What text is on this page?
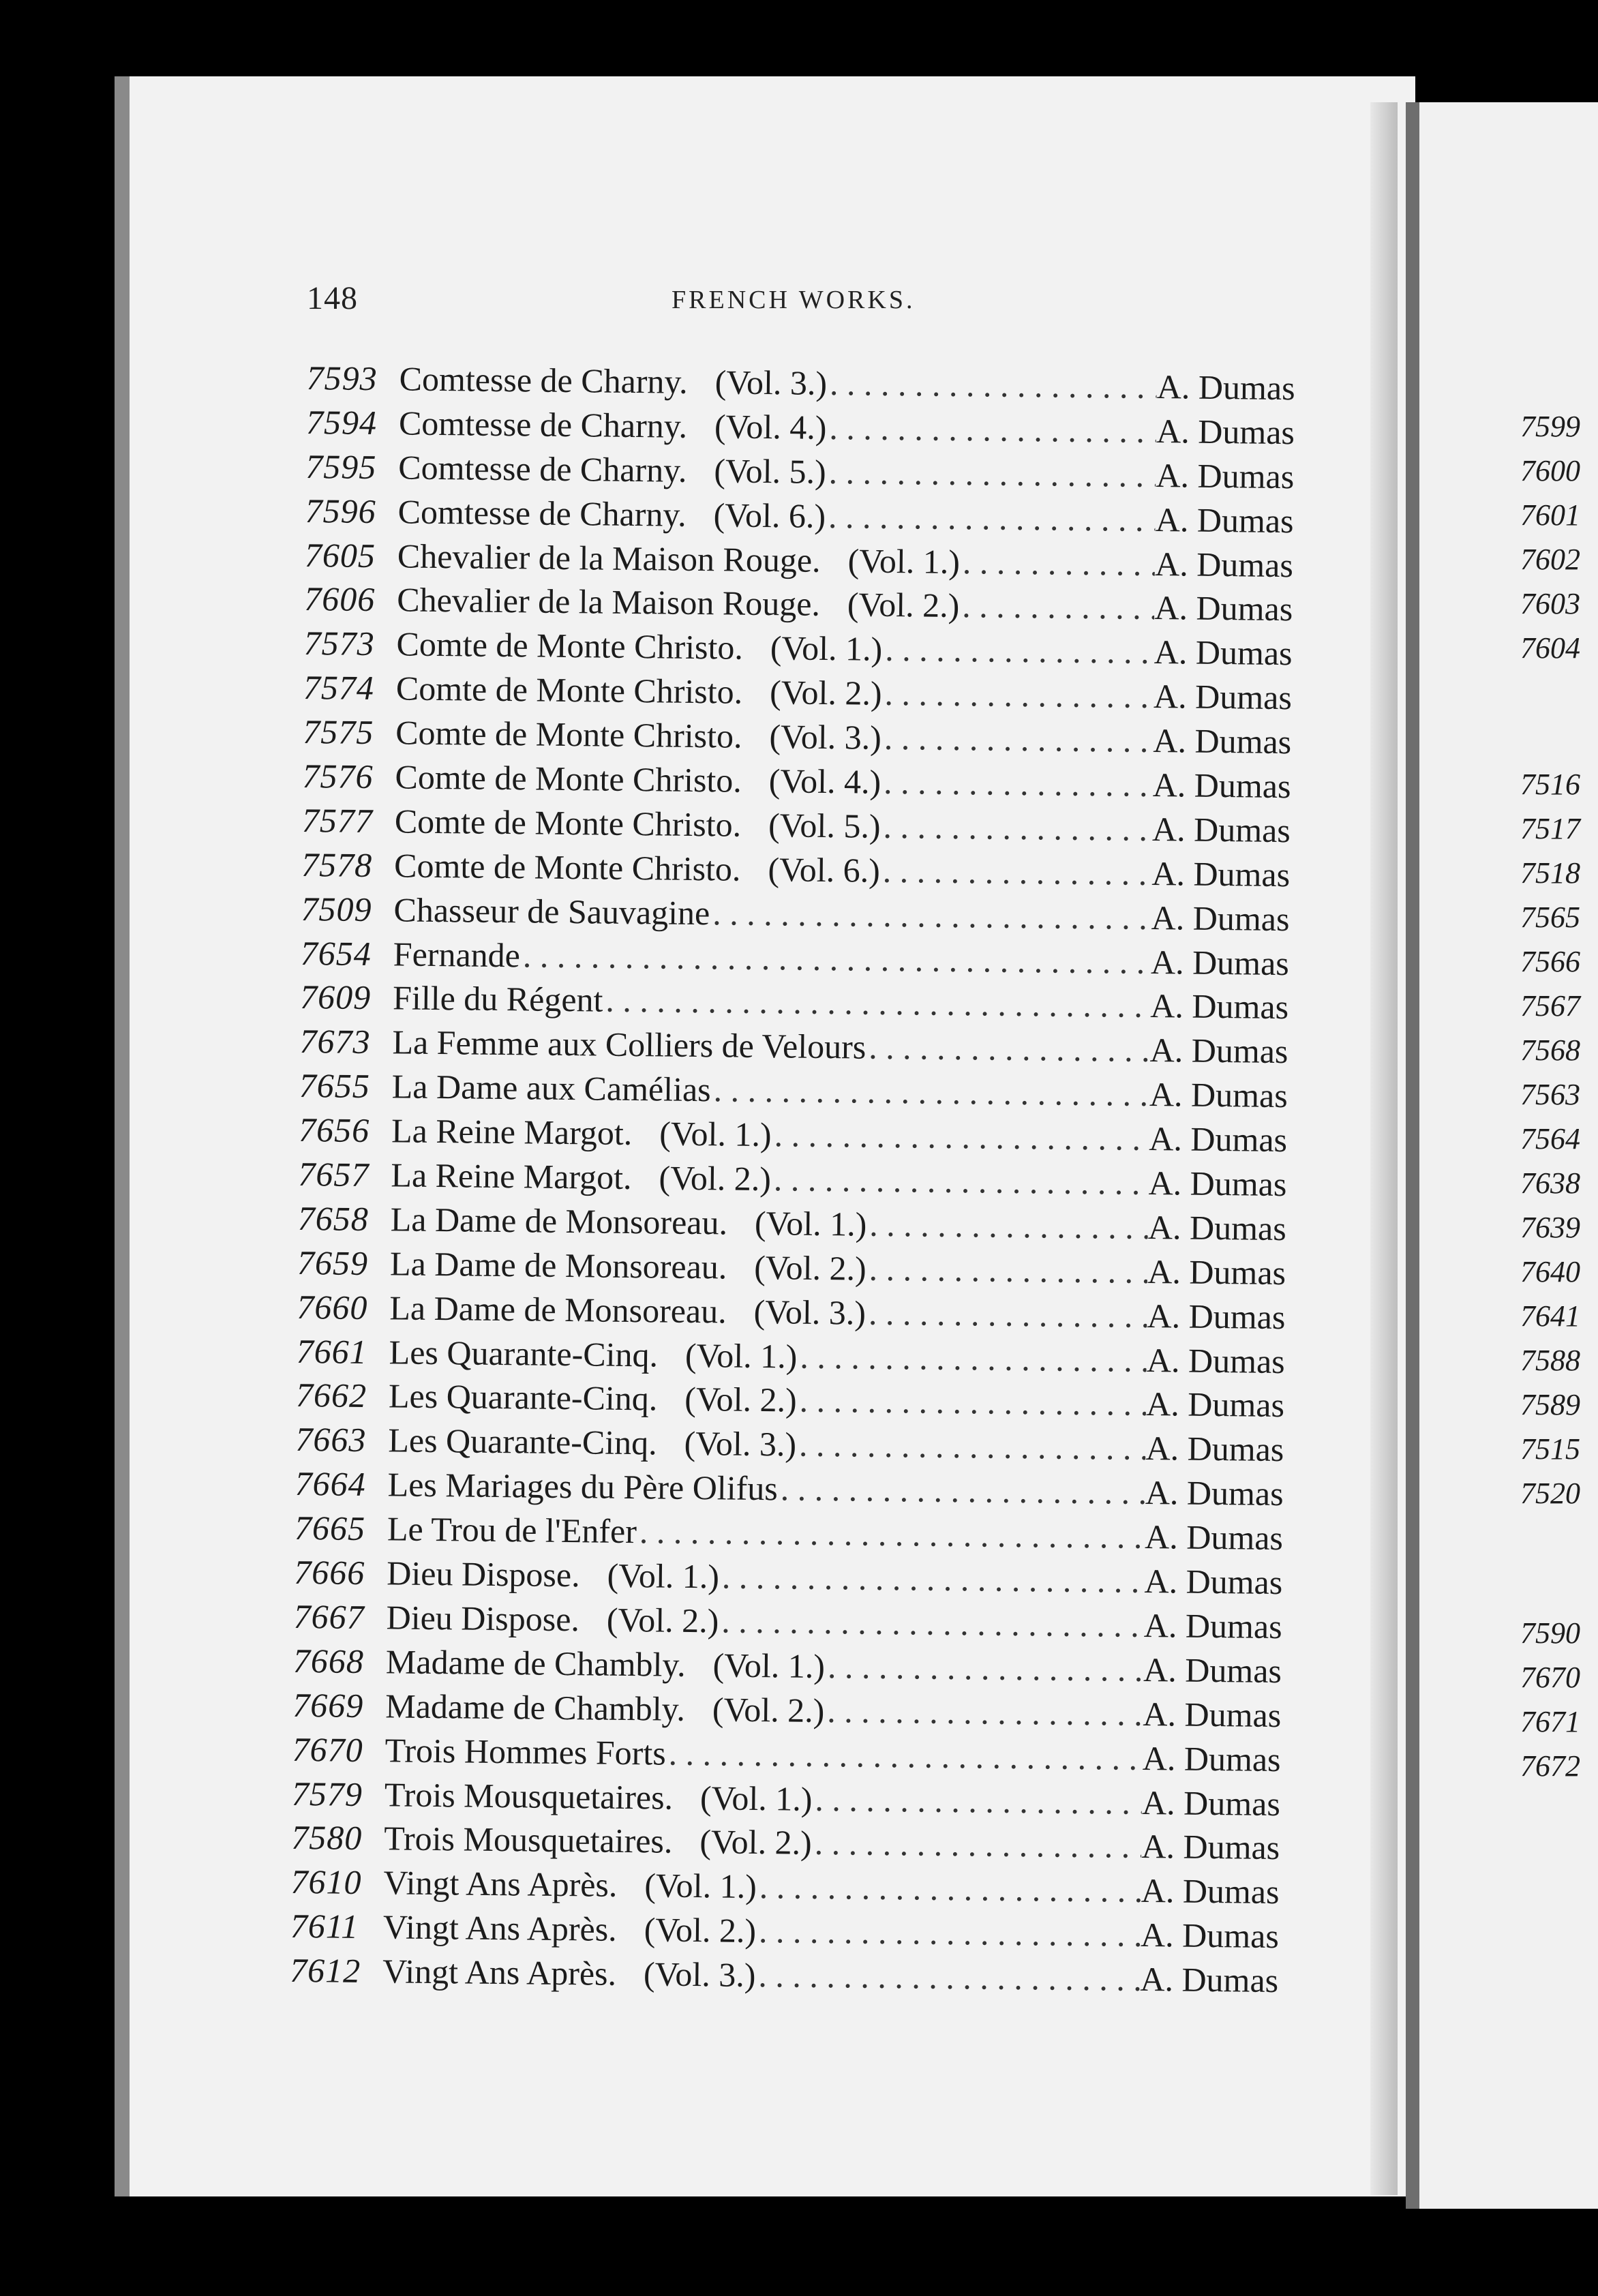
148	FRENCH WORKS.
7593 Comtesse de Charny. (Vol. 3.) . . .	A. Dumas
7594 Comtesse de Charny. (Vol. 4.) . . .	A. Dumas
7595 Comtesse de Charny. (Vol. 5.) . . .	A. Dumas
7596 Comtesse de Charny. (Vol. 6.) . . .	A. Dumas
7605 Chevalier de la Maison Rouge. (Vol. 1.) . . .	A. Dumas
7606 Chevalier de la Maison Rouge. (Vol. 2.) . . .	A. Dumas
7573 Comte de Monte Christo. (Vol. 1.) . . .	A. Dumas
7574 Comte de Monte Christo. (Vol. 2.) . . .	A. Dumas
7575 Comte de Monte Christo. (Vol. 3.) . . .	A. Dumas
7576 Comte de Monte Christo. (Vol. 4.) . . .	A. Dumas
7577 Comte de Monte Christo. (Vol. 5.) . . .	A. Dumas
7578 Comte de Monte Christo. (Vol. 6.) . . .	A. Dumas
7509 Chasseur de Sauvagine . . .	A. Dumas
7654 Fernande . . .	A. Dumas
7609 Fille du Régent . . .	A. Dumas
7673 La Femme aux Colliers de Velours . . .	A. Dumas
7655 La Dame aux Camélias . . .	A. Dumas
7656 La Reine Margot. (Vol. 1.) . . .	A. Dumas
7657 La Reine Margot. (Vol. 2.) . . .	A. Dumas
7658 La Dame de Monsoreau. (Vol. 1.) . . .	A. Dumas
7659 La Dame de Monsoreau. (Vol. 2.) . . .	A. Dumas
7660 La Dame de Monsoreau. (Vol. 3.) . . .	A. Dumas
7661 Les Quarante-Cinq. (Vol. 1.) . . .	A. Dumas
7662 Les Quarante-Cinq. (Vol. 2.) . . .	A. Dumas
7663 Les Quarante-Cinq. (Vol. 3.) . . .	A. Dumas
7664 Les Mariages du Père Olifus . . .	A. Dumas
7665 Le Trou de l'Enfer . . .	A. Dumas
7666 Dieu Dispose. (Vol. 1.) . . .	A. Dumas
7667 Dieu Dispose. (Vol. 2.) . . .	A. Dumas
7668 Madame de Chambly. (Vol. 1.) . . .	A. Dumas
7669 Madame de Chambly. (Vol. 2.) . . .	A. Dumas
7670 Trois Hommes Forts . . .	A. Dumas
7579 Trois Mousquetaires. (Vol. 1.) . . .	A. Dumas
7580 Trois Mousquetaires. (Vol. 2.) . . .	A. Dumas
7610 Vingt Ans Après. (Vol. 1.) . . .	A. Dumas
7611 Vingt Ans Après. (Vol. 2.) . . .	A. Dumas
7612 Vingt Ans Après. (Vol. 3.) . . .	A. Dumas
7599
7600
7601
7602
7603
7604
7516
7517
7518
7565
7566
7567
7568
7563
7564
7638
7639
7640
7641
7588
7589
7515
7520
7590
7670
7671
7672
